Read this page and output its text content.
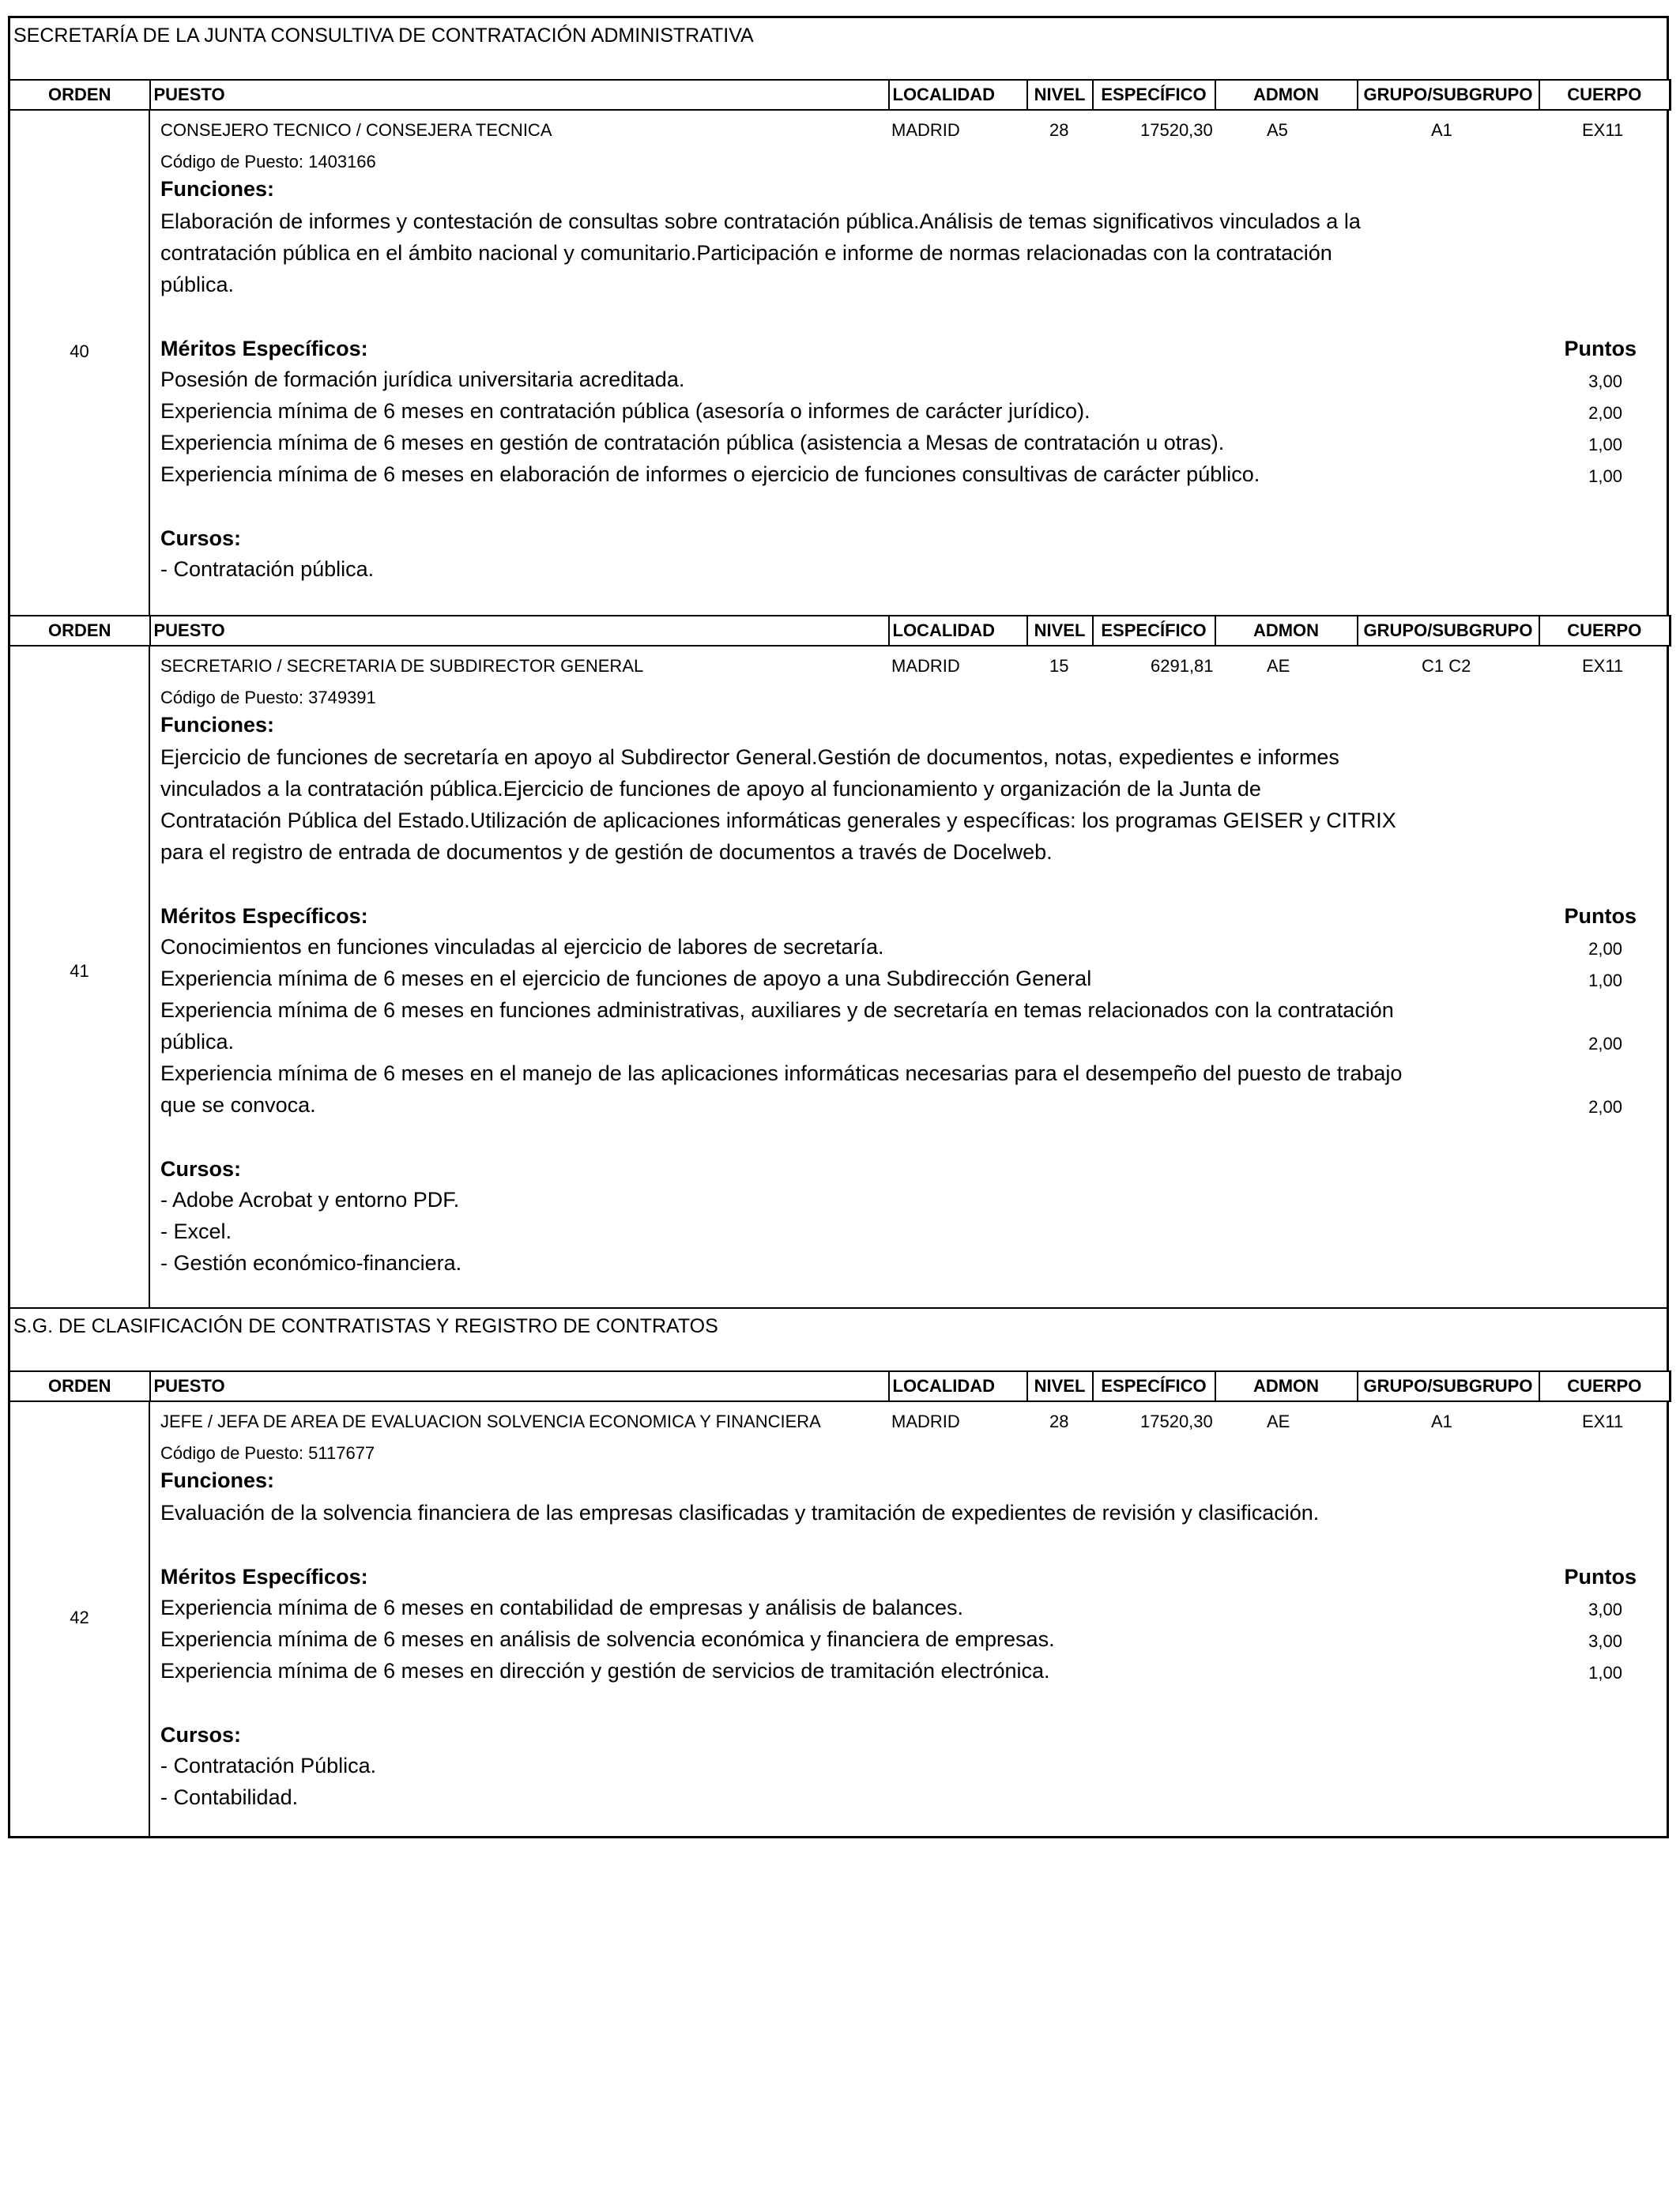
SECRETARÍA DE LA JUNTA CONSULTIVA DE CONTRATACIÓN ADMINISTRATIVA
ORDEN	PUESTO	LOCALIDAD	NIVEL	ESPECÍFICO	ADMON	GRUPO/SUBGRUPO	CUERPO
40
CONSEJERO TECNICO / CONSEJERA TECNICA	MADRID	28	17520,30	A5	A1	EX11
Código de Puesto: 1403166
Funciones:
Elaboración de informes y contestación de consultas sobre contratación pública.Análisis de temas significativos vinculados a la
contratación pública en el ámbito nacional y comunitario.Participación e informe de normas relacionadas con la contratación
pública.
Méritos Específicos:	Puntos
Posesión de formación jurídica universitaria acreditada.	3,00
Experiencia mínima de 6 meses en contratación pública (asesoría o informes de carácter jurídico).	2,00
Experiencia mínima de 6 meses en gestión de contratación pública (asistencia a Mesas de contratación u otras).	1,00
Experiencia mínima de 6 meses en elaboración de informes o ejercicio de funciones consultivas de carácter público.	1,00
Cursos:
- Contratación pública.
ORDEN	PUESTO	LOCALIDAD	NIVEL	ESPECÍFICO	ADMON	GRUPO/SUBGRUPO	CUERPO
41
SECRETARIO / SECRETARIA DE SUBDIRECTOR GENERAL	MADRID	15	6291,81	AE	C1 C2	EX11
Código de Puesto: 3749391
Funciones:
Ejercicio de funciones de secretaría en apoyo al Subdirector General.Gestión de documentos, notas, expedientes e informes
vinculados a la contratación pública.Ejercicio de funciones de apoyo al funcionamiento y organización de la Junta de
Contratación Pública del Estado.Utilización de aplicaciones informáticas generales y específicas: los programas GEISER y CITRIX
para el registro de entrada de documentos y de gestión de documentos a través de Docelweb.
Méritos Específicos:	Puntos
Conocimientos en funciones vinculadas al ejercicio de labores de secretaría.	2,00
Experiencia mínima de 6 meses en el ejercicio de funciones de apoyo a una Subdirección General	1,00
Experiencia mínima de 6 meses en funciones administrativas, auxiliares y de secretaría en temas relacionados con la contratación
pública.	2,00
Experiencia mínima de 6 meses en el manejo de las aplicaciones informáticas necesarias para el desempeño del puesto de trabajo
que se convoca.	2,00
Cursos:
- Adobe Acrobat y entorno PDF.
- Excel.
- Gestión económico-financiera.
S.G. DE CLASIFICACIÓN DE CONTRATISTAS Y REGISTRO DE CONTRATOS
ORDEN	PUESTO	LOCALIDAD	NIVEL	ESPECÍFICO	ADMON	GRUPO/SUBGRUPO	CUERPO
42
JEFE / JEFA DE AREA DE EVALUACION SOLVENCIA ECONOMICA Y FINANCIERA	MADRID	28	17520,30	AE	A1	EX11
Código de Puesto: 5117677
Funciones:
Evaluación de la solvencia financiera de las empresas clasificadas y tramitación de expedientes de revisión y clasificación.
Méritos Específicos:	Puntos
Experiencia mínima de 6 meses en contabilidad de empresas y análisis de balances.	3,00
Experiencia mínima de 6 meses en análisis de solvencia económica y financiera de empresas.	3,00
Experiencia mínima de 6 meses en dirección y gestión de servicios de tramitación electrónica.	1,00
Cursos:
- Contratación Pública.
- Contabilidad.
